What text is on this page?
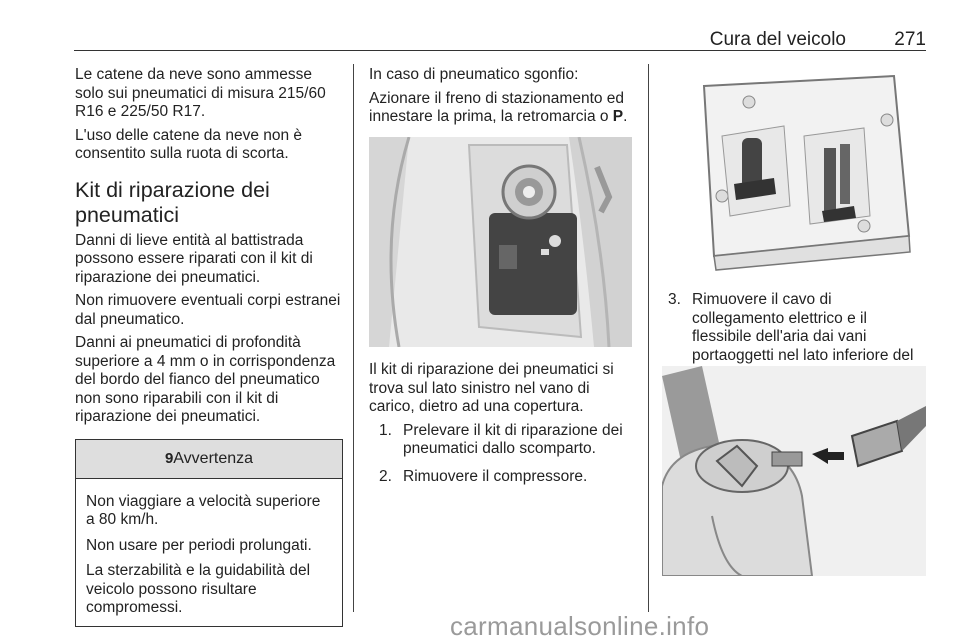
Cura del veicolo	271

Le catene da neve sono ammesse solo sui pneumatici di misura 215/60 R16 e 225/50 R17.

L'uso delle catene da neve non è consentito sulla ruota di scorta.

Kit di riparazione dei pneumatici

Danni di lieve entità al battistrada possono essere riparati con il kit di riparazione dei pneumatici.

Non rimuovere eventuali corpi estranei dal pneumatico.

Danni ai pneumatici di profondità superiore a 4 mm o in corrispondenza del bordo del fianco del pneumatico non sono riparabili con il kit di riparazione dei pneumatici.

9Avvertenza

Non viaggiare a velocità superiore a 80 km/h.

Non usare per periodi prolungati.

La sterzabilità e la guidabilità del veicolo possono risultare compromessi.

In caso di pneumatico sgonfio:

Azionare il freno di stazionamento ed innestare la prima, la retromarcia o P.

Il kit di riparazione dei pneumatici si trova sul lato sinistro nel vano di carico, dietro ad una copertura.

1. Prelevare il kit di riparazione dei pneumatici dallo scomparto.
2. Rimuovere il compressore.
3. Rimuovere il cavo di collegamento elettrico e il flessibile dell'aria dai vani portaoggetti nel lato inferiore del
carmanualsonline.info
